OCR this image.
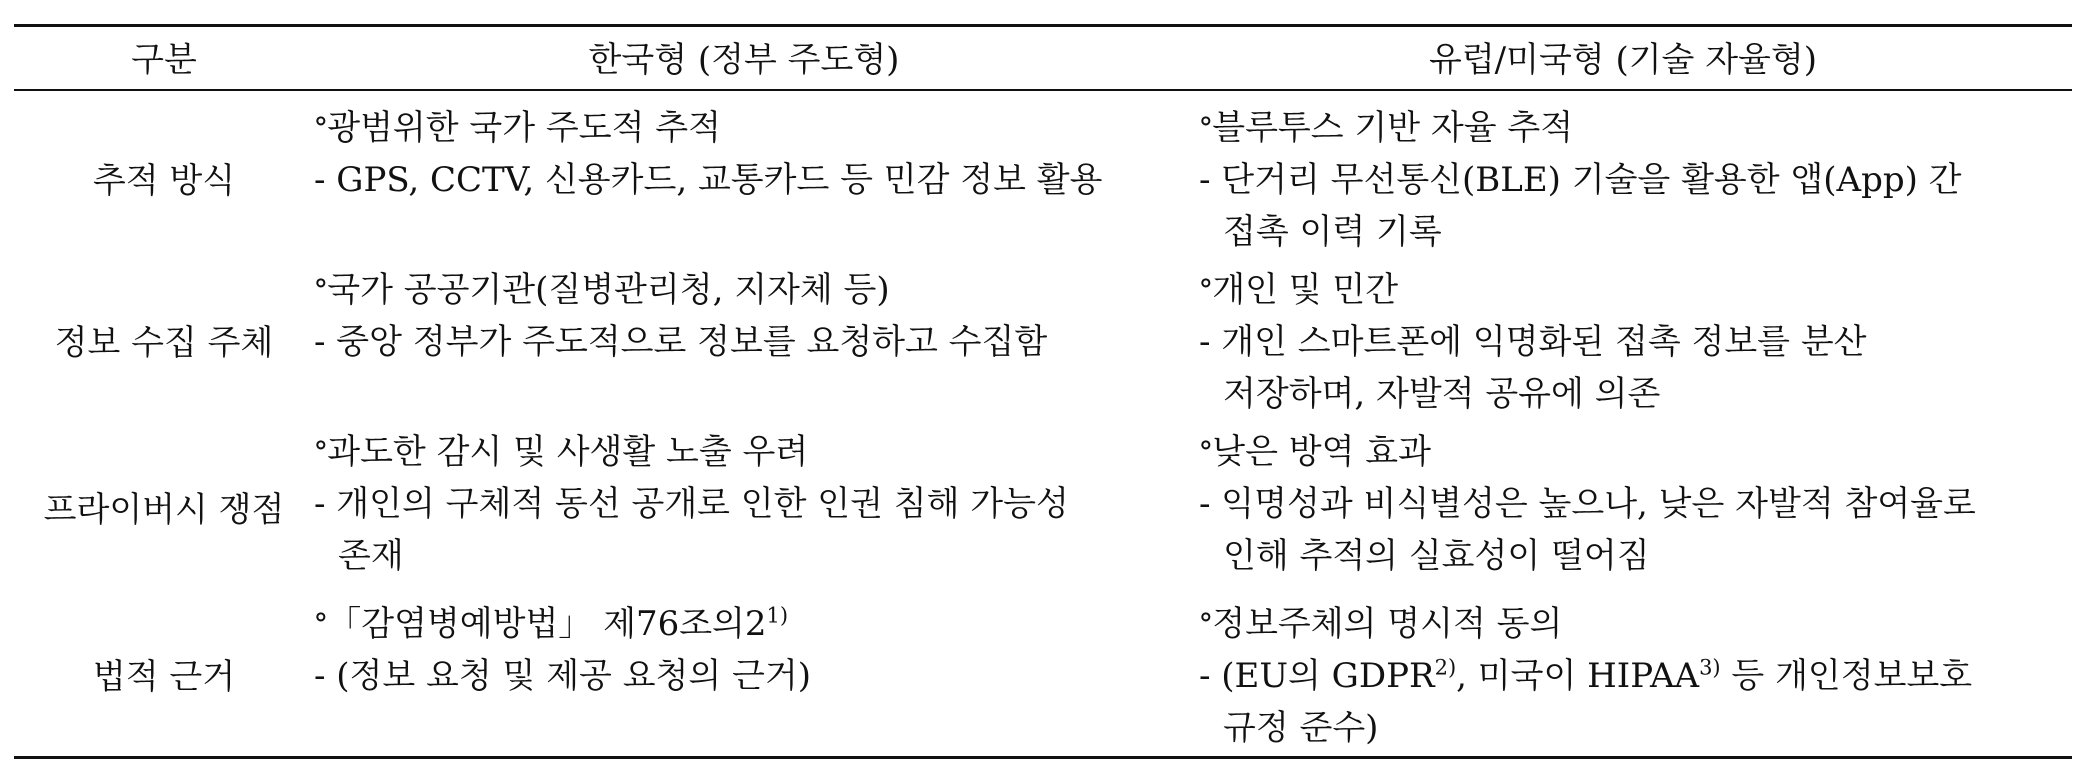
구분	한국형 (정부 주도형)	유럽/미국형 (기술 자율형)
추적 방식
ᐤ광범위한 국가 주도적 추적
- GPS, CCTV, 신용카드, 교통카드 등 민감 정보 활용
ᐤ블루투스 기반 자율 추적
- 단거리 무선통신(BLE) 기술을 활용한 앱(App) 간
접촉 이력 기록
정보 수집 주체
ᐤ국가 공공기관(질병관리청, 지자체 등)
- 중앙 정부가 주도적으로 정보를 요청하고 수집함
ᐤ개인 및 민간
- 개인 스마트폰에 익명화된 접촉 정보를 분산
저장하며, 자발적 공유에 의존
프라이버시 쟁점
ᐤ과도한 감시 및 사생활 노출 우려
- 개인의 구체적 동선 공개로 인한 인권 침해 가능성
존재
ᐤ낮은 방역 효과
- 익명성과 비식별성은 높으나, 낮은 자발적 참여율로
인해 추적의 실효성이 떨어짐
법적 근거
ᐤ「감염병예방법」 제76조의2$^{1)}$
- (정보 요청 및 제공 요청의 근거)
ᐤ정보주체의 명시적 동의
- (EU의 GDPR$^{2)}$, 미국이 HIPAA$^{3)}$ 등 개인정보보호
규정 준수)
